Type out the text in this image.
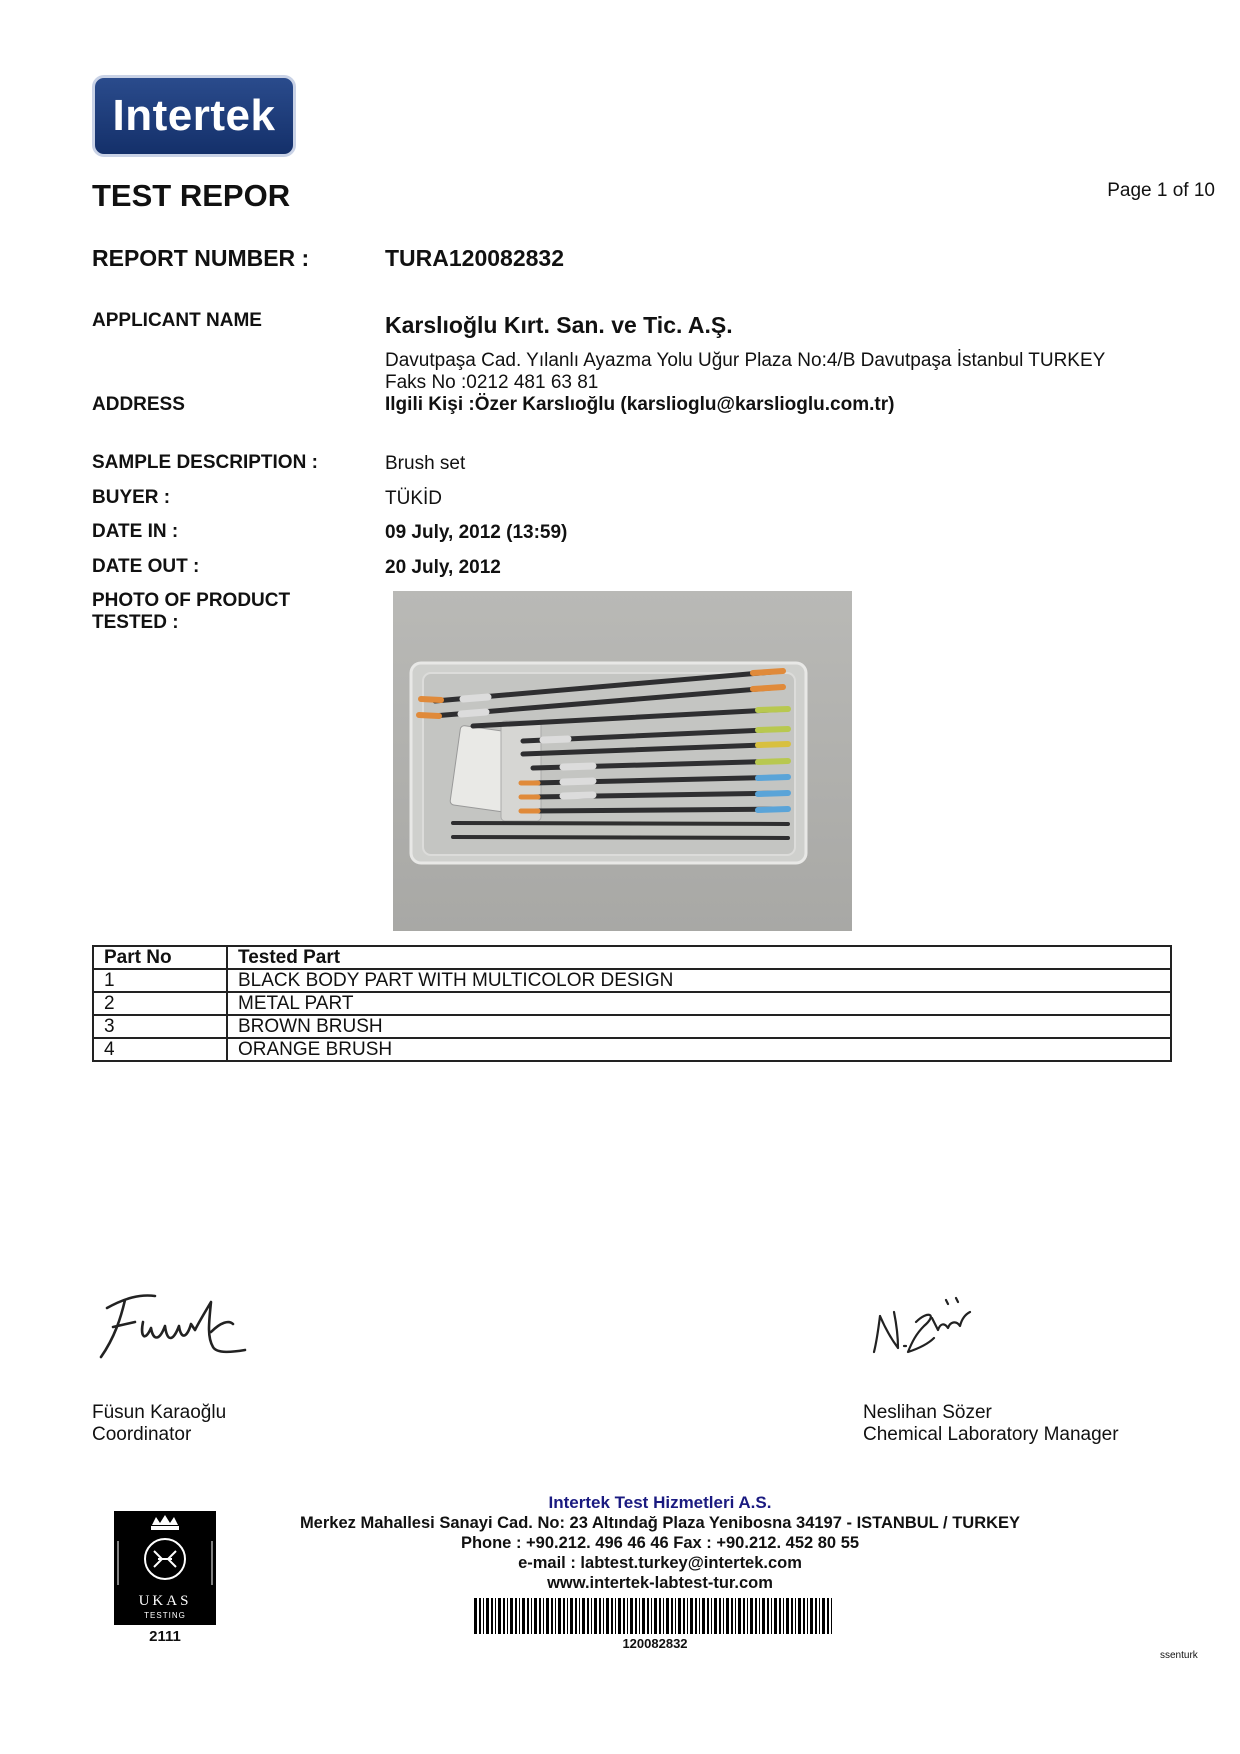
Intertek
TEST REPOR	Page 1 of 10
REPORT NUMBER :	TURA120082832
APPLICANT NAME	Karslıoğlu Kırt. San. ve Tic. A.Ş.
Davutpaşa Cad. Yılanlı Ayazma Yolu Uğur Plaza No:4/B Davutpaşa İstanbul TURKEY
Faks No :0212 481 63 81
ADDRESS	Ilgili Kişi :Özer Karslıoğlu (karslioglu@karslioglu.com.tr)
SAMPLE DESCRIPTION :	Brush set
BUYER :	TÜKİD
DATE IN :	09 July, 2012 (13:59)
DATE OUT :	20 July, 2012
PHOTO OF PRODUCT
TESTED :
Part No	Tested Part
1	BLACK BODY PART WITH MULTICOLOR DESIGN
2	METAL PART
3	BROWN BRUSH
4	ORANGE BRUSH
Füsun Karaoğlu
Coordinator
Neslihan Sözer
Chemical Laboratory Manager
UKAS
TESTING
2111
Intertek Test Hizmetleri A.S.
Merkez Mahallesi Sanayi Cad. No: 23 Altındağ Plaza Yenibosna 34197 - ISTANBUL / TURKEY
Phone : +90.212. 496 46 46 Fax : +90.212. 452 80 55
e-mail : labtest.turkey@intertek.com
www.intertek-labtest-tur.com
120082832
ssenturk
